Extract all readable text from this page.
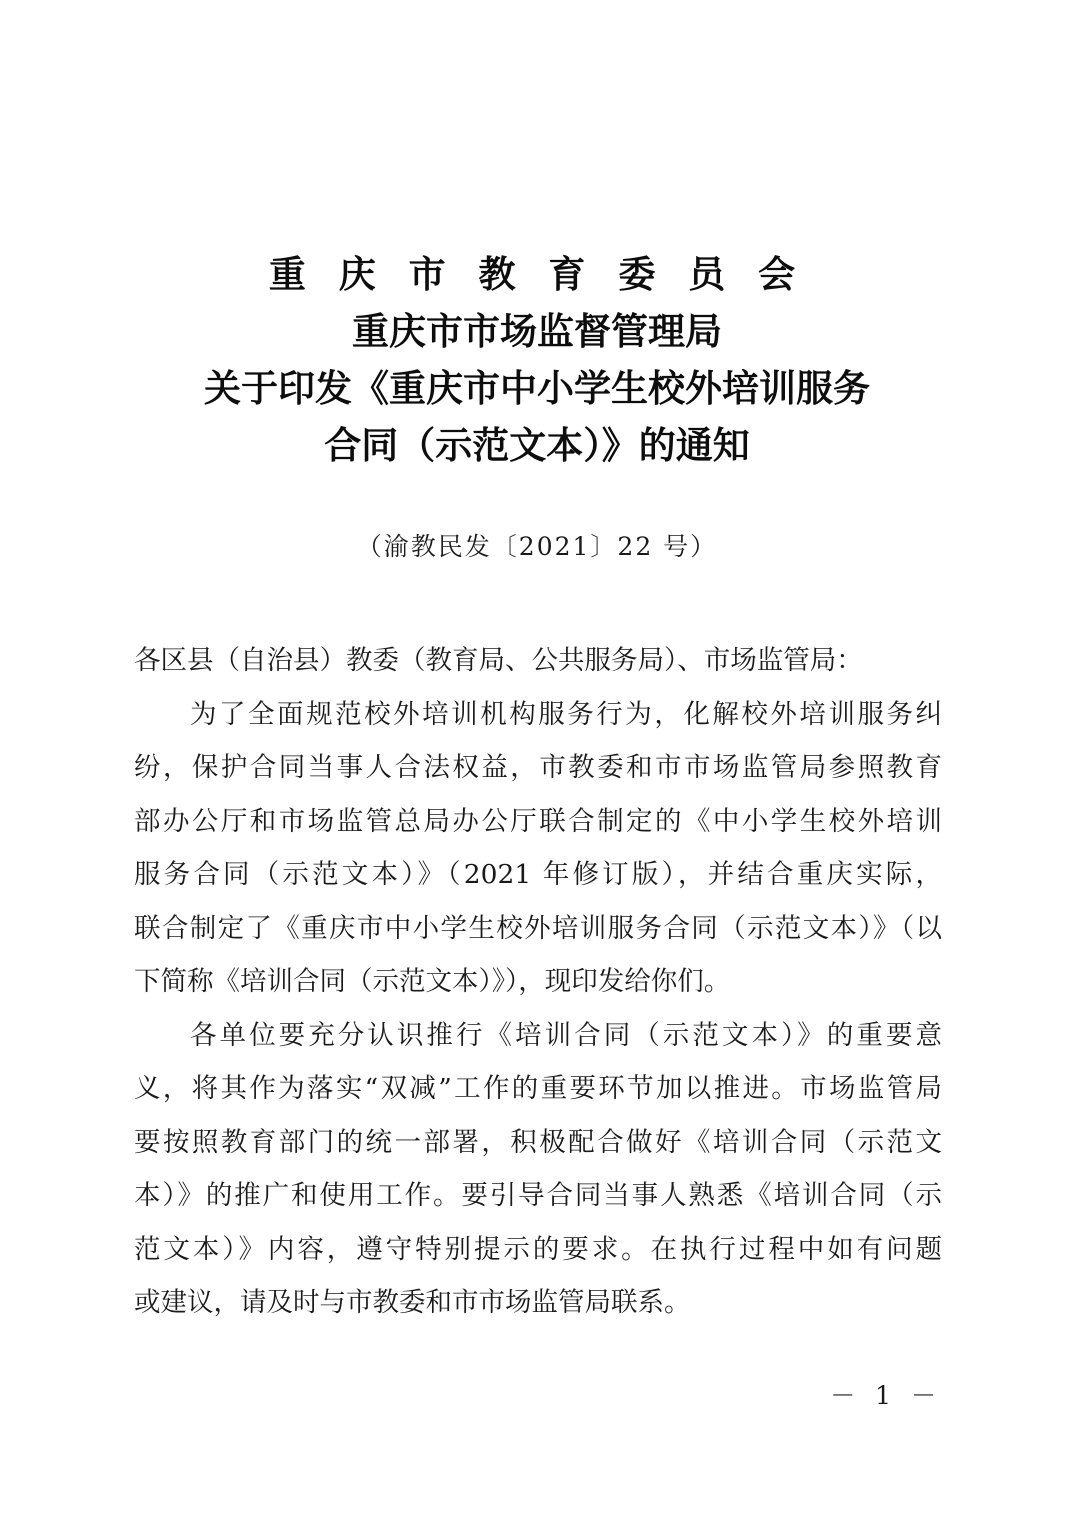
重 庆 市 教 育 委 员 会
重庆市市场监督管理局
关于印发《重庆市中小学生校外培训服务
合同（示范文本）》的通知
（渝教民发〔2021〕22 号）
各区县（自治县）教委（教育局、公共服务局）、市场监管局：
为了全面规范校外培训机构服务行为，化解校外培训服务纠
纷，保护合同当事人合法权益，市教委和市市场监管局参照教育
部办公厅和市场监管总局办公厅联合制定的《中小学生校外培训
服务合同（示范文本）》（2021 年修订版），并结合重庆实际，
联合制定了《重庆市中小学生校外培训服务合同（示范文本）》（以
下简称《培训合同（示范文本）》），现印发给你们。
各单位要充分认识推行《培训合同（示范文本）》的重要意
义，将其作为落实“双减”工作的重要环节加以推进。市场监管局
要按照教育部门的统一部署，积极配合做好《培训合同（示范文
本）》的推广和使用工作。要引导合同当事人熟悉《培训合同（示
范文本）》内容，遵守特别提示的要求。在执行过程中如有问题
或建议，请及时与市教委和市市场监管局联系。
－ 1 －
